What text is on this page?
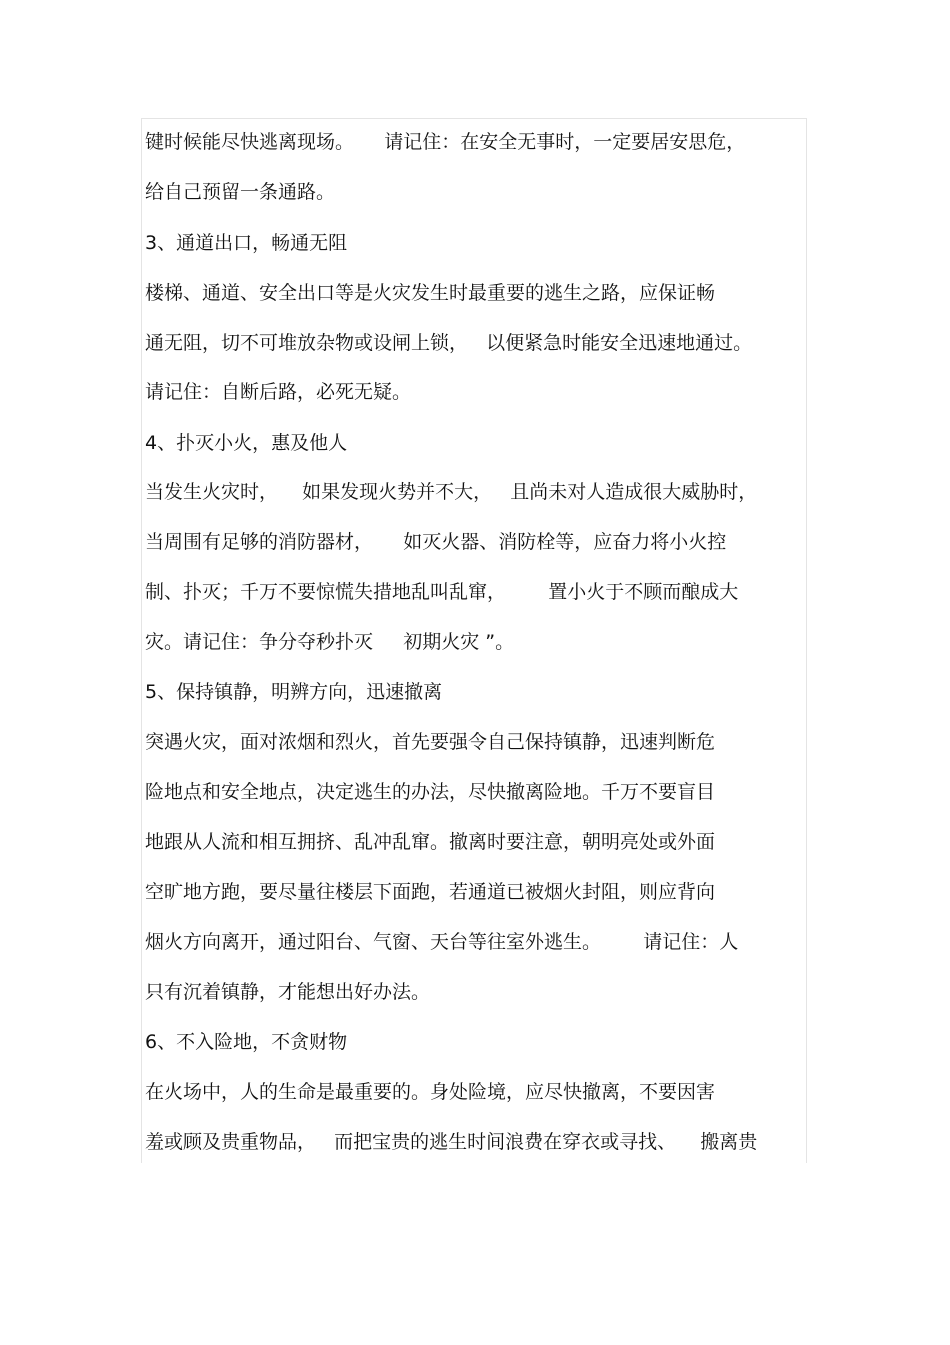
键时候能尽快逃离现场。     请记住：在安全无事时，一定要居安思危，
给自己预留一条通路。
3、通道出口，畅通无阻
楼梯、通道、安全出口等是火灾发生时最重要的逃生之路，应保证畅
通无阻，切不可堆放杂物或设闸上锁，   以便紧急时能安全迅速地通过。
请记住：自断后路，必死无疑。
4、扑灭小火，惠及他人
当发生火灾时，    如果发现火势并不大，   且尚未对人造成很大威胁时，
当周围有足够的消防器材，     如灭火器、消防栓等，应奋力将小火控
制、扑灭；千万不要惊慌失措地乱叫乱窜，       置小火于不顾而酿成大
灾。请记住：争分夺秒扑灭     初期火灾 ”。
5、保持镇静，明辨方向，迅速撤离
突遇火灾，面对浓烟和烈火，首先要强令自己保持镇静，迅速判断危
险地点和安全地点，决定逃生的办法，尽快撤离险地。千万不要盲目
地跟从人流和相互拥挤、乱冲乱窜。撤离时要注意，朝明亮处或外面
空旷地方跑，要尽量往楼层下面跑，若通道已被烟火封阻，则应背向
烟火方向离开，通过阳台、气窗、天台等往室外逃生。       请记住：人
只有沉着镇静，才能想出好办法。
6、不入险地，不贪财物
在火场中，人的生命是最重要的。身处险境，应尽快撤离，不要因害
羞或顾及贵重物品，   而把宝贵的逃生时间浪费在穿衣或寻找、    搬离贵
